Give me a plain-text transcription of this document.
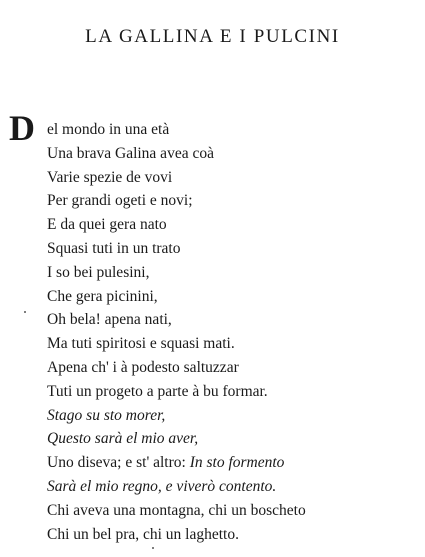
LA GALLINA E I PULCINI
D el mondo in una età
Una brava Galina avea coà
Varie spezie de vovi
Per grandi ogeti e novi;
E da quei gera nato
Squasi tuti in un trato
I so bei pulesini,
Che gera picinini,
Oh bela! apena nati,
Ma tuti spiritosi e squasi mati.
Apena ch' i à podesto saltuzzar
Tuti un progeto a parte à bu formar.
Stago su sto morer,
Questo sarà el mio aver,
Uno diseva; e st' altro: In sto formento
Sarà el mio regno, e viverò contento.
Chi aveva una montagna, chi un boscheto
Chi un bel pra, chi un laghetto.
